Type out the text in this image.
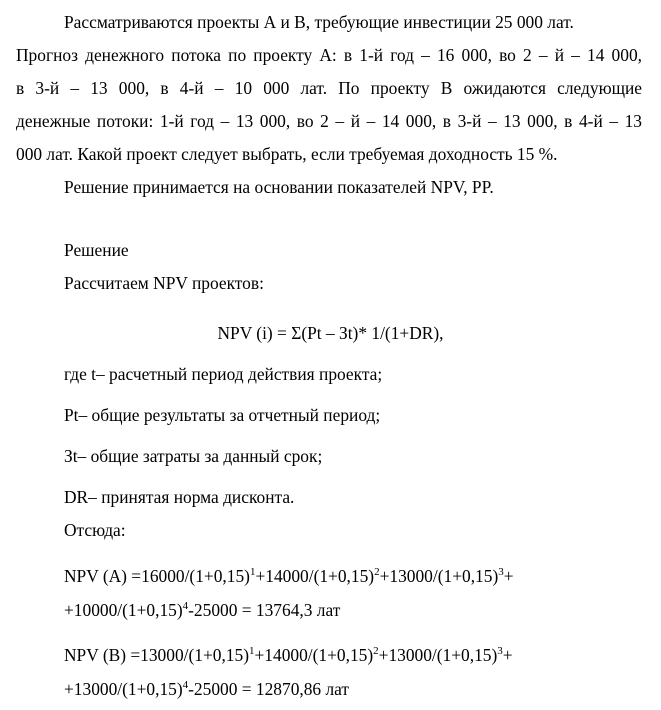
Рассматриваются проекты А и В, требующие инвестиции 25 000 лат.
Прогноз денежного потока по проекту А: в 1-й год – 16 000, во 2 – й – 14 000,
в 3-й – 13 000, в 4-й – 10 000 лат. По проекту В ожидаются следующие
денежные потоки: 1-й год – 13 000, во 2 – й – 14 000, в 3-й – 13 000, в 4-й – 13
000 лат. Какой проект следует выбрать, если требуемая доходность 15 %.
Решение принимается на основании показателей NPV, PP.
Решение
Рассчитаем NPV проектов:
NPV (i) = Σ(Pt – Зt)* 1/(1+DR),
где t– расчетный период действия проекта;
Pt– общие результаты за отчетный период;
Зt– общие затраты за данный срок;
DR– принятая норма дисконта.
Отсюда:
NPV $(A) =16000/(1+0,15)^1+14000/(1+0,15)^2+13000/(1+0,15)^3+$
$+10000/(1+0,15)^4-25000 = 13764,3$ лат
NPV $(B) =13000/(1+0,15)^1+14000/(1+0,15)^2+13000/(1+0,15)^3+$
$+13000/(1+0,15)^4-25000 = 12870,86$ лат
